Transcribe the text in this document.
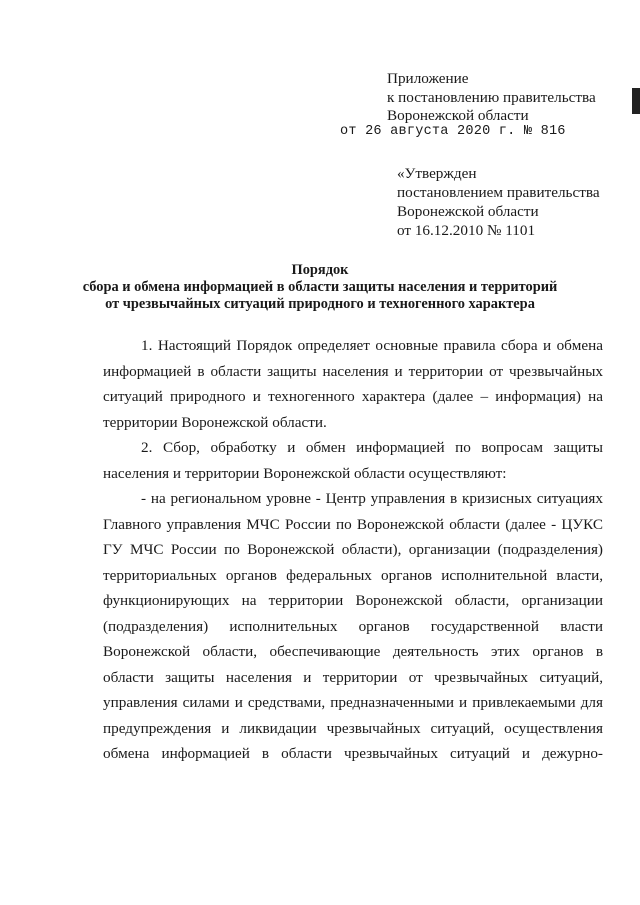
Приложение
к постановлению правительства
Воронежской области
от 26 августа 2020 г. № 816
«Утвержден
постановлением правительства
Воронежской области
от 16.12.2010 № 1101
Порядок
сбора и обмена информацией в области защиты населения и территорий
от чрезвычайных ситуаций природного и техногенного характера
1. Настоящий Порядок определяет основные правила сбора и обмена
информацией в области защиты населения и территории от чрезвычайных
ситуаций природного и техногенного характера (далее – информация) на
территории Воронежской области.
2. Сбор, обработку и обмен информацией по вопросам защиты
населения и территории Воронежской области осуществляют:
- на региональном уровне - Центр управления в кризисных ситуациях
Главного управления МЧС России по Воронежской области (далее - ЦУКС
ГУ МЧС России по Воронежской области), организации (подразделения)
территориальных органов федеральных органов исполнительной власти,
функционирующих на территории Воронежской области, организации
(подразделения) исполнительных органов государственной власти
Воронежской области, обеспечивающие деятельность этих органов в
области защиты населения и территории от чрезвычайных ситуаций,
управления силами и средствами, предназначенными и привлекаемыми для
предупреждения и ликвидации чрезвычайных ситуаций, осуществления
обмена информацией в области чрезвычайных ситуаций и дежурно-
